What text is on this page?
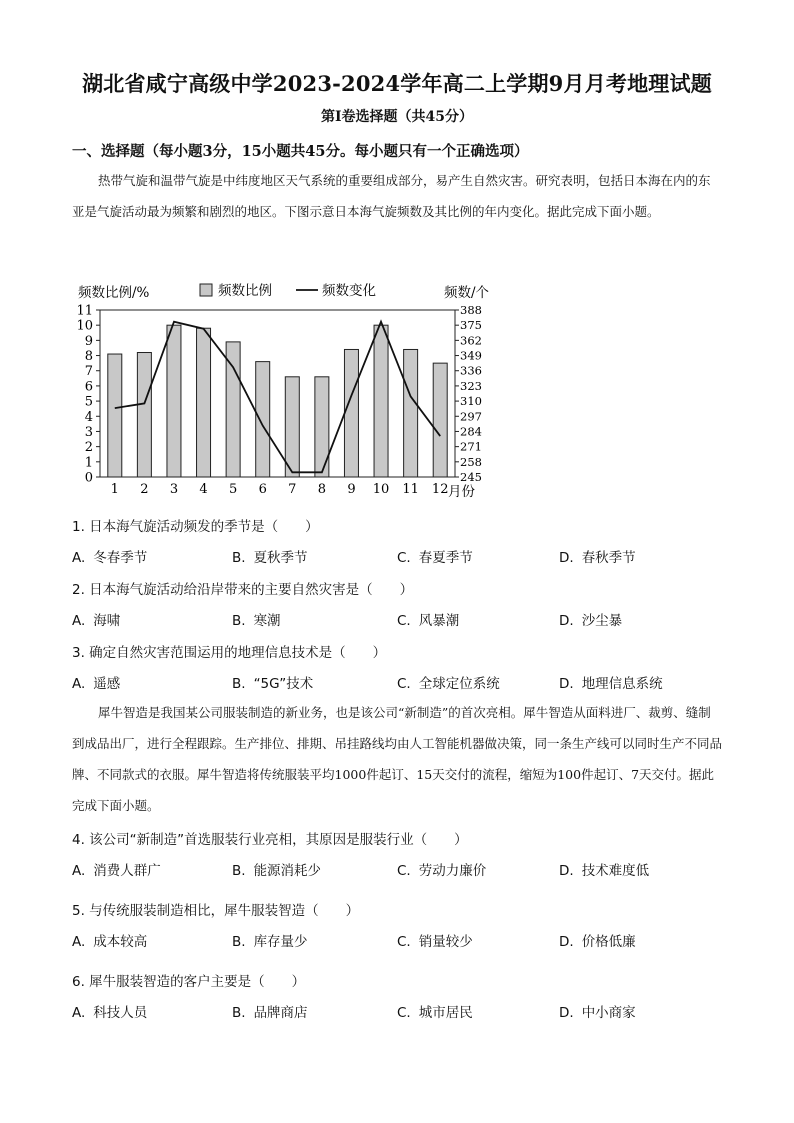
湖北省咸宁高级中学2023-2024学年高二上学期9月月考地理试题
第Ⅰ卷选择题（共45分）
一、选择题（每小题3分，15小题共45分。每小题只有一个正确选项）
热带气旋和温带气旋是中纬度地区天气系统的重要组成部分，易产生自然灾害。研究表明，包括日本海在内的东亚是气旋活动最为频繁和剧烈的地区。下图示意日本海气旋频数及其比例的年内变化。据此完成下面小题。
0
1
2
3
4
5
6
7
8
9
10
11
245
258
271
284
297
310
323
336
349
362
375
388
1 2 3 4 5 6 7 8 9 10 11 12
频数比例/%	频数/个
月份
频数比例	频数变化
1. 日本海气旋活动频发的季节是（　　）
A. 冬春季节	B. 夏秋季节	C. 春夏季节	D. 春秋季节
2. 日本海气旋活动给沿岸带来的主要自然灾害是（　　）
A. 海啸	B. 寒潮	C. 风暴潮	D. 沙尘暴
3. 确定自然灾害范围运用的地理信息技术是（　　）
A. 遥感	B. “5G”技术	C. 全球定位系统	D. 地理信息系统
犀牛智造是我国某公司服装制造的新业务，也是该公司“新制造”的首次亮相。犀牛智造从面料进厂、裁剪、缝制到成品出厂，进行全程跟踪。生产排位、排期、吊挂路线均由人工智能机器做决策，同一条生产线可以同时生产不同品牌、不同款式的衣服。犀牛智造将传统服装平均1000件起订、15天交付的流程，缩短为100件起订、7天交付。据此完成下面小题。
4. 该公司“新制造”首选服装行业亮相，其原因是服装行业（　　）
A. 消费人群广	B. 能源消耗少	C. 劳动力廉价	D. 技术难度低
5. 与传统服装制造相比，犀牛服装智造（　　）
A. 成本较高	B. 库存量少	C. 销量较少	D. 价格低廉
6. 犀牛服装智造的客户主要是（　　）
A. 科技人员	B. 品牌商店	C. 城市居民	D. 中小商家
